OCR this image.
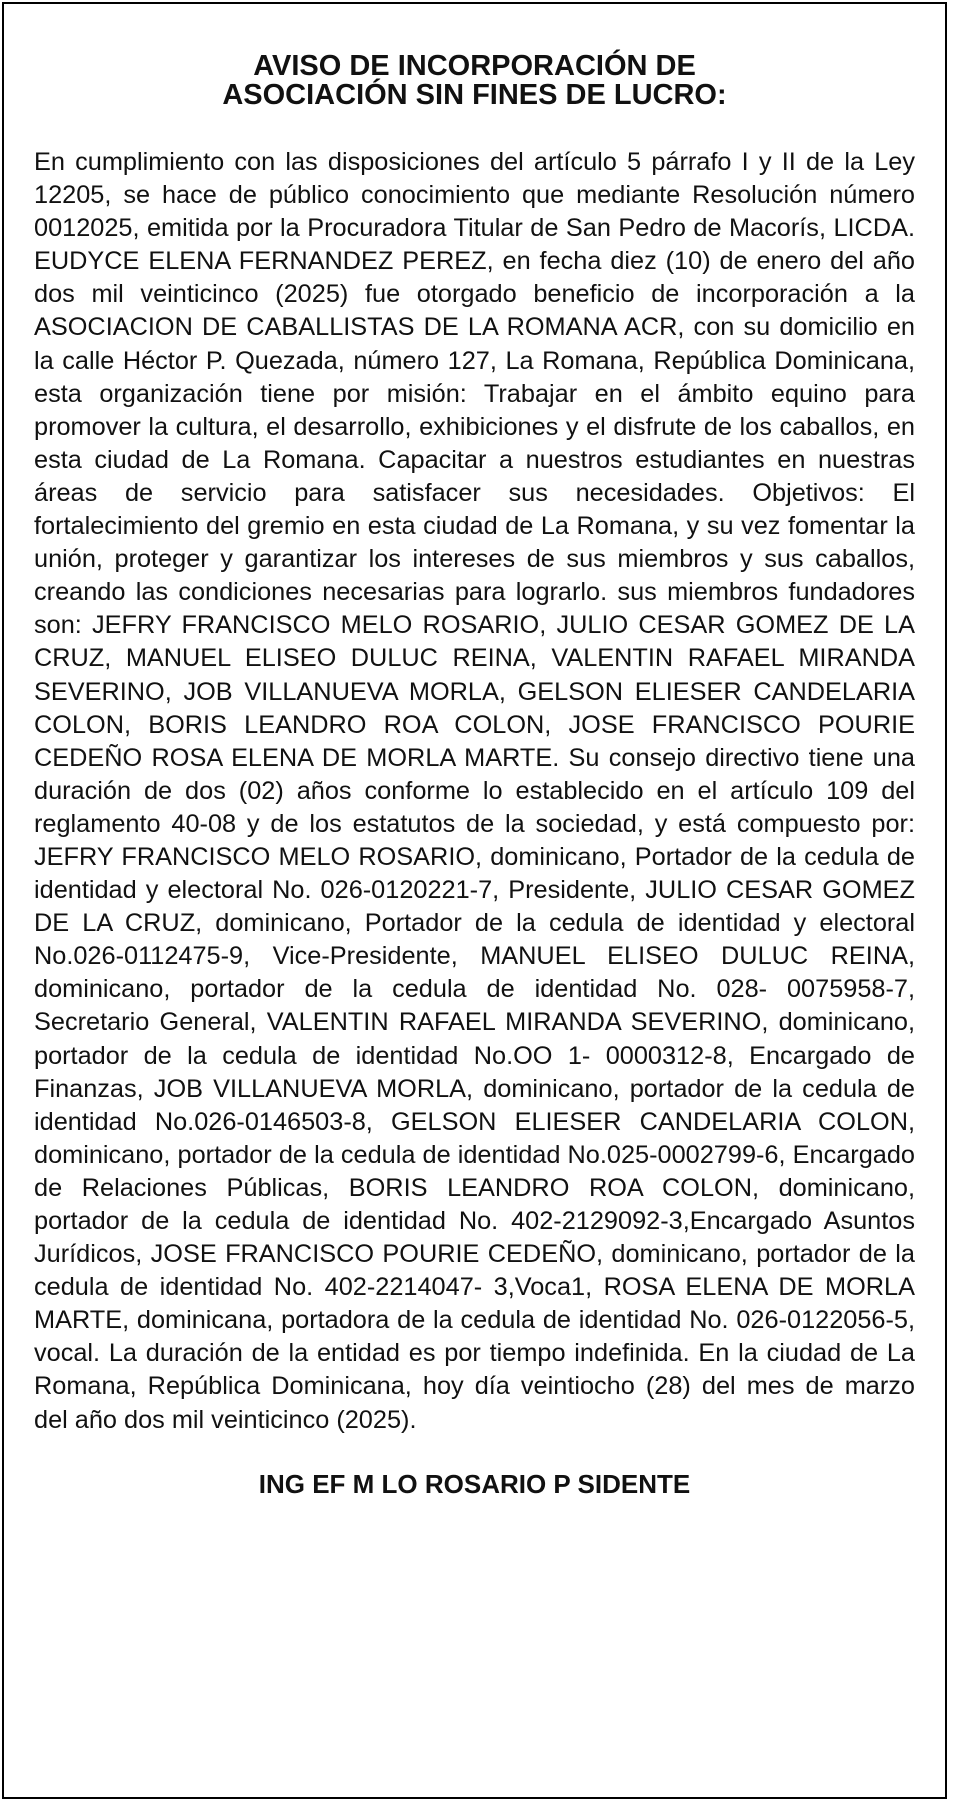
AVISO DE INCORPORACIÓN DE
ASOCIACIÓN SIN FINES DE LUCRO:
En cumplimiento con las disposiciones del artículo 5 párrafo I y II de la Ley 12205, se hace de público conocimiento que mediante Resolución número 0012025, emitida por la Procuradora Titular de San Pedro de Macorís, LICDA. EUDYCE ELENA FERNANDEZ PEREZ, en fecha diez (10) de enero del año dos mil veinticinco (2025) fue otorgado beneficio de incorporación a la ASOCIACION DE CABALLISTAS DE LA ROMANA ACR, con su domicilio en la calle Héctor P. Quezada, número 127, La Romana, República Dominicana, esta organización tiene por misión: Trabajar en el ámbito equino para promover la cultura, el desarrollo, exhibiciones y el disfrute de los caballos, en esta ciudad de La Romana. Capacitar a nuestros estudiantes en nuestras áreas de servicio para satisfacer sus necesidades. Objetivos: El fortalecimiento del gremio en esta ciudad de La Romana, y su vez fomentar la unión, proteger y garantizar los intereses de sus miembros y sus caballos, creando las condiciones necesarias para lograrlo. sus miembros fundadores son: JEFRY FRANCISCO MELO ROSARIO, JULIO CESAR GOMEZ DE LA CRUZ, MANUEL ELISEO DULUC REINA, VALENTIN RAFAEL MIRANDA SEVERINO, JOB VILLANUEVA MORLA, GELSON ELIESER CANDELARIA COLON, BORIS LEANDRO ROA COLON, JOSE FRANCISCO POURIE CEDEÑO ROSA ELENA DE MORLA MARTE. Su consejo directivo tiene una duración de dos (02) años conforme lo establecido en el artículo 109 del reglamento 40-08 y de los estatutos de la sociedad, y está compuesto por: JEFRY FRANCISCO MELO ROSARIO, dominicano, Portador de la cedula de identidad y electoral No. 026-0120221-7, Presidente, JULIO CESAR GOMEZ DE LA CRUZ, dominicano, Portador de la cedula de identidad y electoral No.026-0112475-9, Vice-Presidente, MANUEL ELISEO DULUC REINA, dominicano, portador de la cedula de identidad No. 028- 0075958-7, Secretario General, VALENTIN RAFAEL MIRANDA SEVERINO, dominicano, portador de la cedula de identidad No.OO 1- 0000312-8, Encargado de Finanzas, JOB VILLANUEVA MORLA, dominicano, portador de la cedula de identidad No.026-0146503-8, GELSON ELIESER CANDELARIA COLON, dominicano, portador de la cedula de identidad No.025-0002799-6, Encargado de Relaciones Públicas, BORIS LEANDRO ROA COLON, dominicano, portador de la cedula de identidad No. 402-2129092-3,Encargado Asuntos Jurídicos, JOSE FRANCISCO POURIE CEDEÑO, dominicano, portador de la cedula de identidad No. 402-2214047- 3,Voca1, ROSA ELENA DE MORLA MARTE, dominicana, portadora de la cedula de identidad No. 026-0122056-5, vocal. La duración de la entidad es por tiempo indefinida. En la ciudad de La Romana, República Dominicana, hoy día veintiocho (28) del mes de marzo del año dos mil veinticinco (2025).
ING EF M LO ROSARIO P SIDENTE
